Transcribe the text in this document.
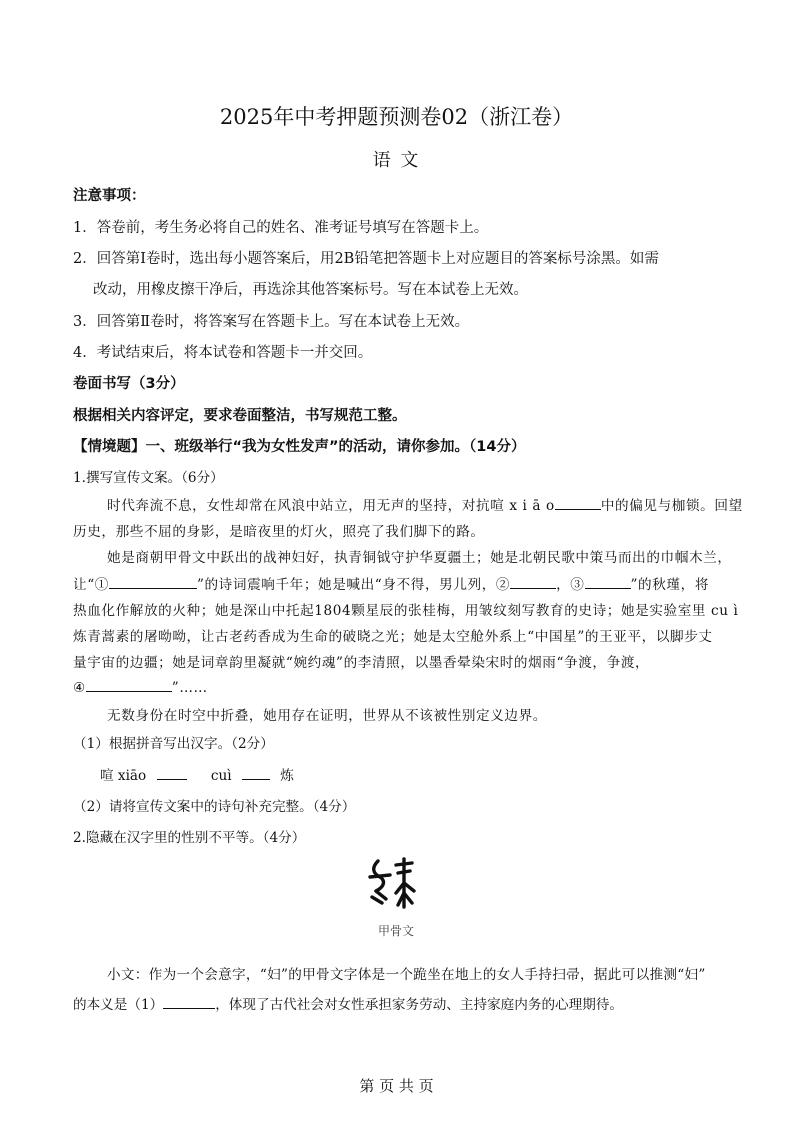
2025年中考押题预测卷02（浙江卷）
语 文
注意事项：
1．答卷前，考生务必将自己的姓名、准考证号填写在答题卡上。
2．回答第Ⅰ卷时，选出每小题答案后，用2B铅笔把答题卡上对应题目的答案标号涂黑。如需
改动，用橡皮擦干净后，再选涂其他答案标号。写在本试卷上无效。
3．回答第Ⅱ卷时，将答案写在答题卡上。写在本试卷上无效。
4．考试结束后，将本试卷和答题卡一并交回。
卷面书写（3分）
根据相关内容评定，要求卷面整洁，书写规范工整。
【情境题】一、班级举行“我为女性发声”的活动，请你参加。（14分）
1.撰写宣传文案。（6分）
时代奔流不息，女性却常在风浪中站立，用无声的坚持，对抗喧 x i ā o	中的偏见与枷锁。回望
历史，那些不屈的身影，是暗夜里的灯火，照亮了我们脚下的路。
她是商朝甲骨文中跃出的战神妇好，执青铜钺守护华夏疆土；她是北朝民歌中策马而出的巾帼木兰，
让“①	”的诗词震响千年；她是喊出“身不得，男儿列，②	，③	”的秋瑾，将
热血化作解放的火种；她是深山中托起1804颗星辰的张桂梅，用皱纹刻写教育的史诗；她是实验室里 cu ì
炼青蒿素的屠呦呦，让古老药香成为生命的破晓之光；她是太空舱外系上“中国星”的王亚平，以脚步丈
量宇宙的边疆；她是词章韵里凝就“婉约魂”的李清照，以墨香晕染宋时的烟雨“争渡，争渡，
④	”……
无数身份在时空中折叠，她用存在证明，世界从不该被性别定义边界。
（1）根据拼音写出汉字。（2分）
喧 xiāo	cuì	炼
（2）请将宣传文案中的诗句补充完整。（4分）
2.隐藏在汉字里的性别不平等。（4分）
甲骨文
小文：作为一个会意字，“妇”的甲骨文字体是一个跪坐在地上的女人手持扫帚，据此可以推测“妇”
的本义是（1）	，体现了古代社会对女性承担家务劳动、主持家庭内务的心理期待。
第 页 共 页
